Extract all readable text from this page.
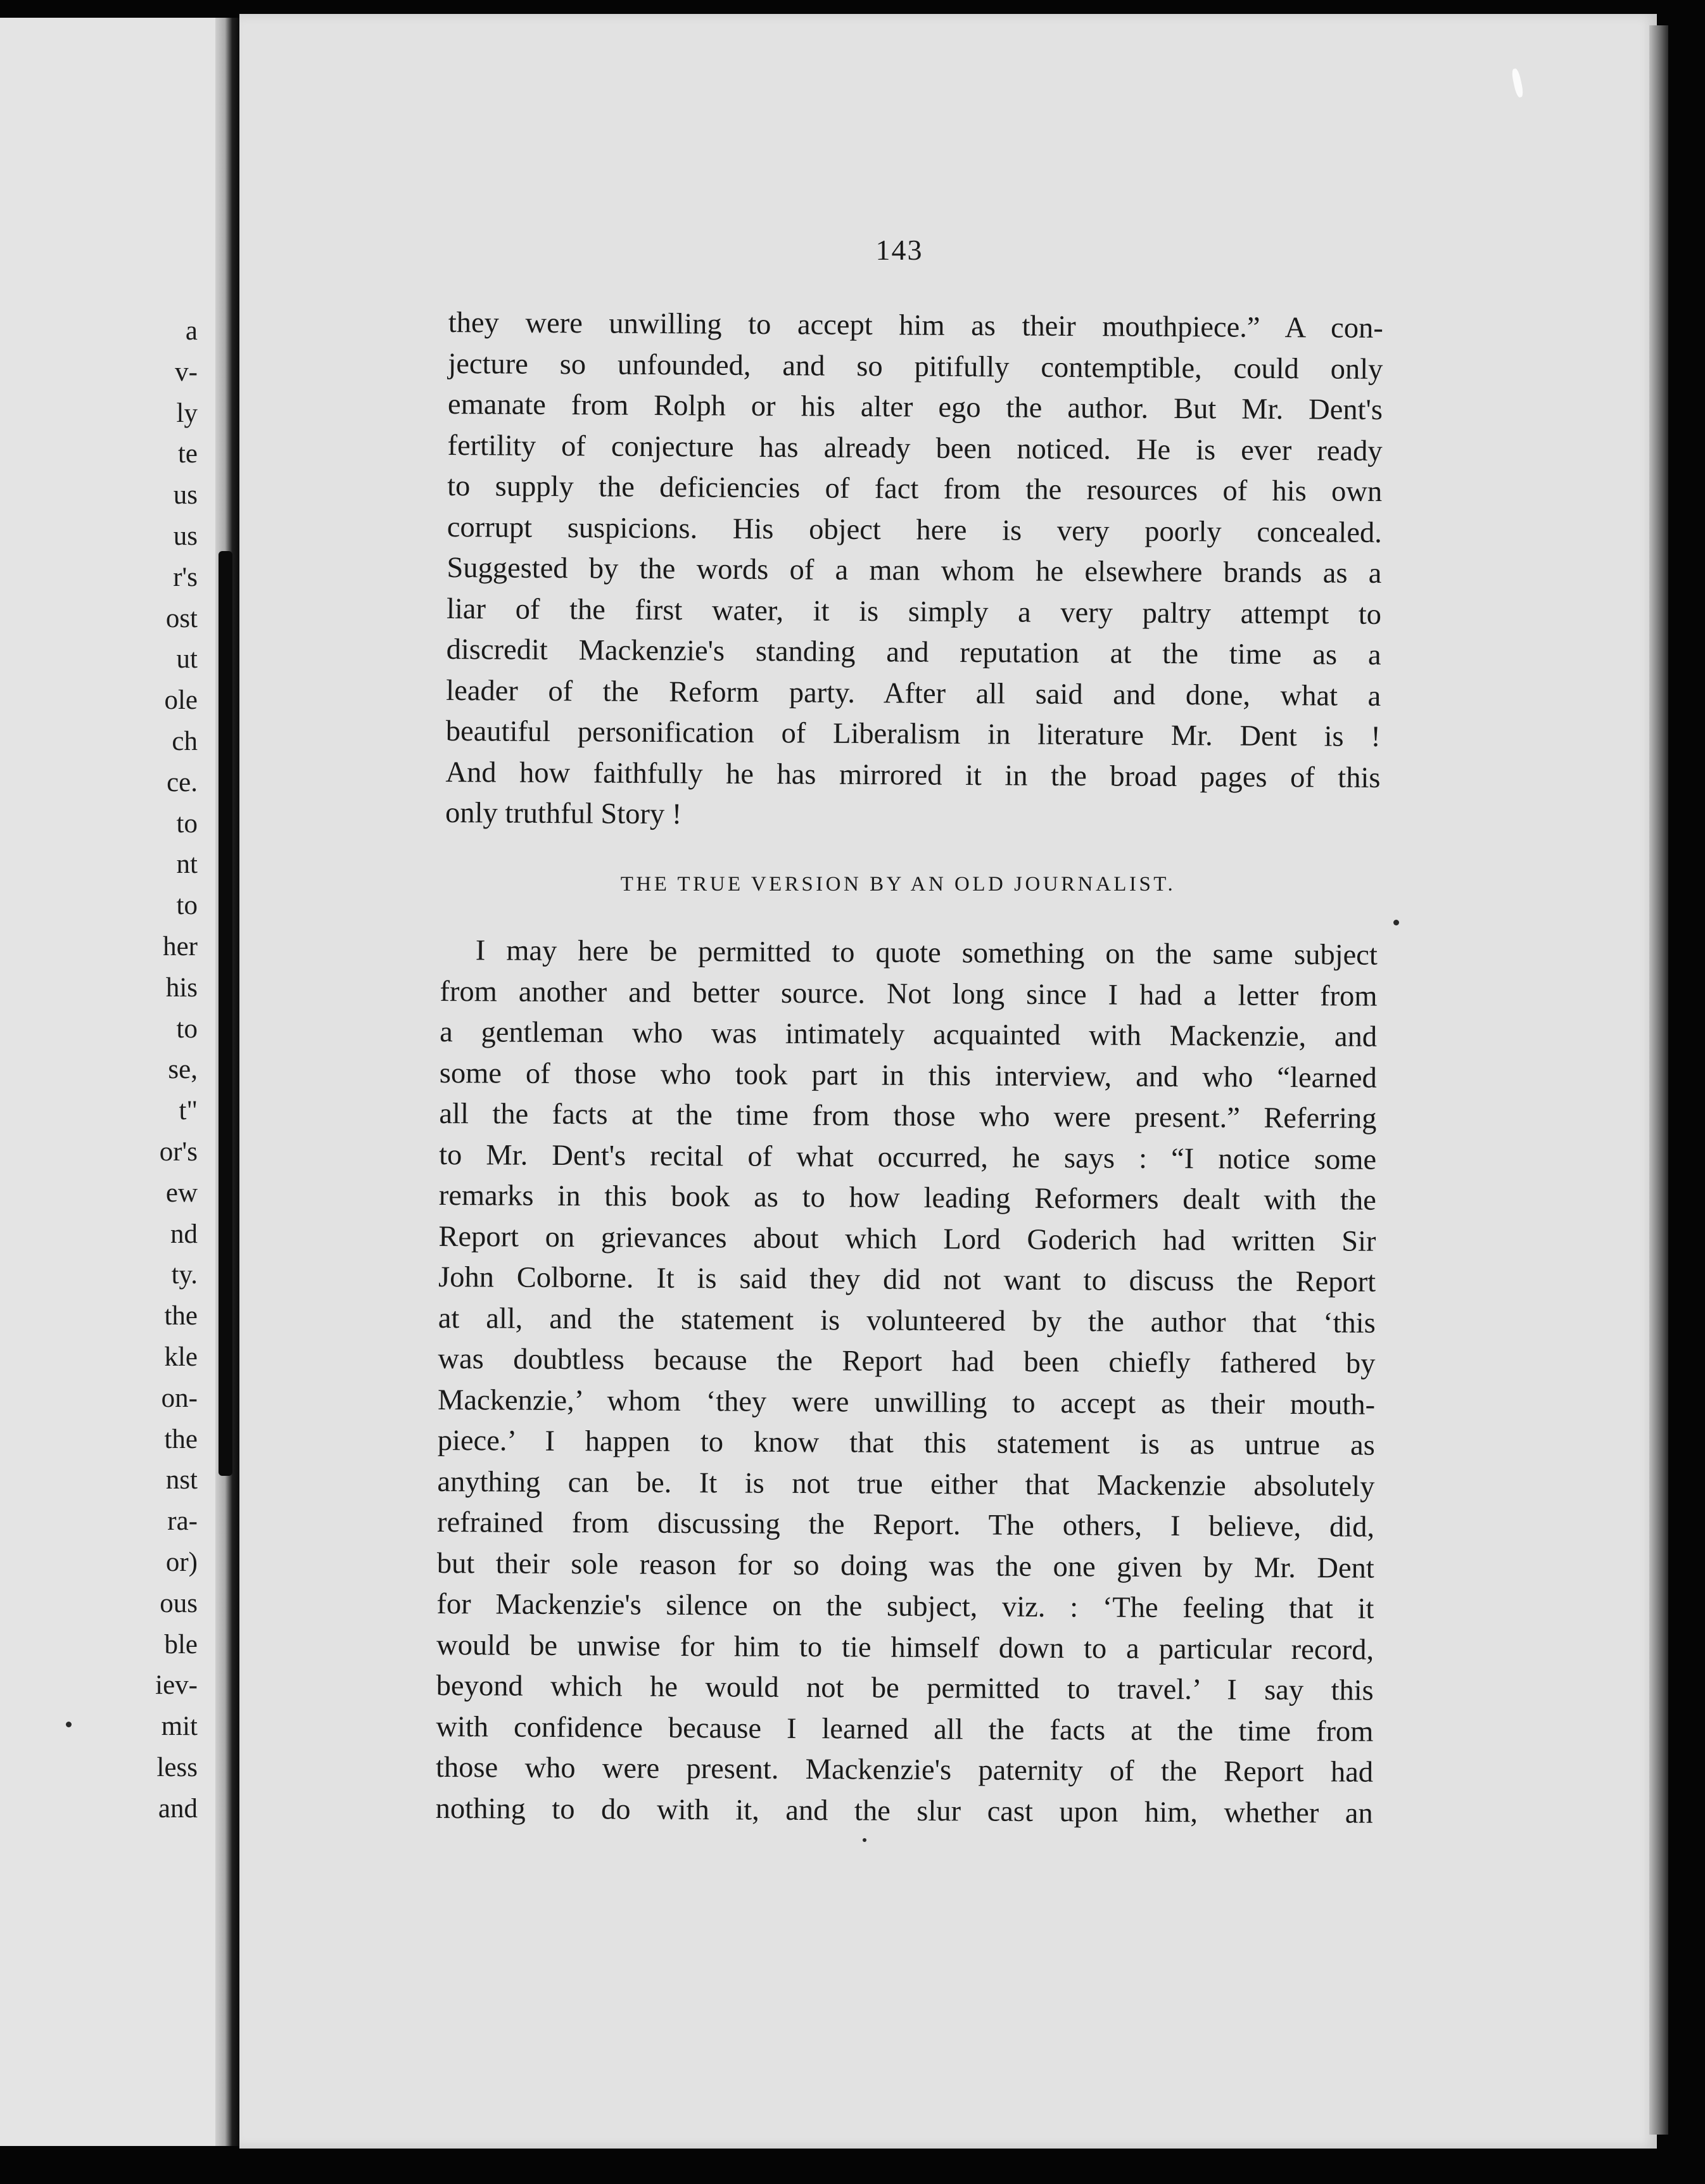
a
v-
ly
te
us
us
r's
ost
ut
ole
ch
ce.
to
nt
to
her
his
to
se,
t"
or's
ew
nd
ty.
the
kle
on-
the
nst
ra-
or)
ous
ble
iev-
mit
less
and
143
they were unwilling to accept him as their mouthpiece.” A con-
jecture so unfounded, and so pitifully contemptible, could only
emanate from Rolph or his alter ego the author. But Mr. Dent's
fertility of conjecture has already been noticed. He is ever ready
to supply the deficiencies of fact from the resources of his own
corrupt suspicions. His object here is very poorly concealed.
Suggested by the words of a man whom he elsewhere brands as a
liar of the first water, it is simply a very paltry attempt to
discredit Mackenzie's standing and reputation at the time as a
leader of the Reform party. After all said and done, what a
beautiful personification of Liberalism in literature Mr. Dent is !
And how faithfully he has mirrored it in the broad pages of this
only truthful Story !
THE TRUE VERSION BY AN OLD JOURNALIST.
I may here be permitted to quote something on the same subject
from another and better source. Not long since I had a letter from
a gentleman who was intimately acquainted with Mackenzie, and
some of those who took part in this interview, and who “learned
all the facts at the time from those who were present.” Referring
to Mr. Dent's recital of what occurred, he says : “I notice some
remarks in this book as to how leading Reformers dealt with the
Report on grievances about which Lord Goderich had written Sir
John Colborne. It is said they did not want to discuss the Report
at all, and the statement is volunteered by the author that ‘this
was doubtless because the Report had been chiefly fathered by
Mackenzie,’ whom ‘they were unwilling to accept as their mouth-
piece.’ I happen to know that this statement is as untrue as
anything can be. It is not true either that Mackenzie absolutely
refrained from discussing the Report. The others, I believe, did,
but their sole reason for so doing was the one given by Mr. Dent
for Mackenzie's silence on the subject, viz. : ‘The feeling that it
would be unwise for him to tie himself down to a particular record,
beyond which he would not be permitted to travel.’ I say this
with confidence because I learned all the facts at the time from
those who were present. Mackenzie's paternity of the Report had
nothing to do with it, and the slur cast upon him, whether an
